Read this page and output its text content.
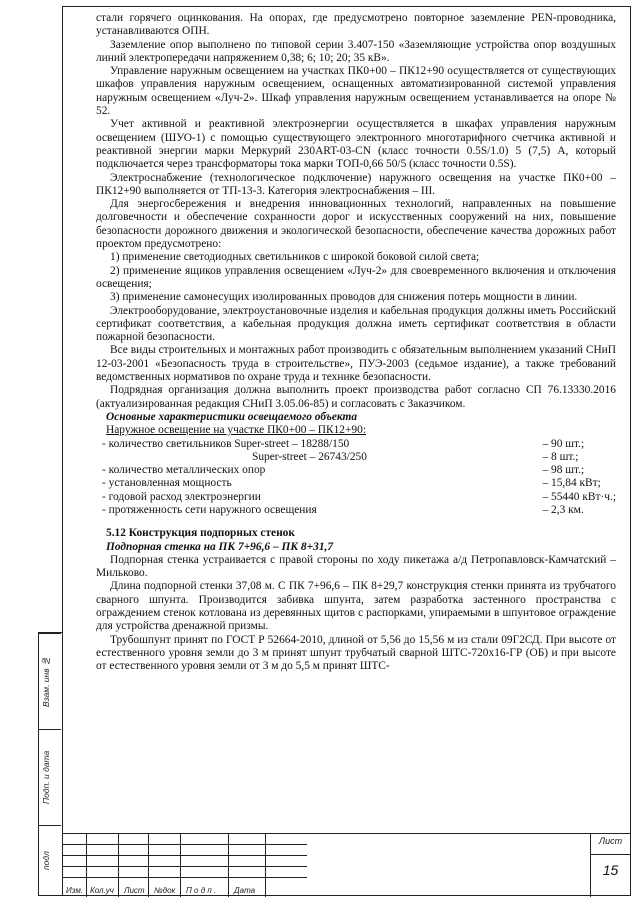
Взам. инв №
Подп. и дата
подл

стали горячего оцинкования. На опорах, где предусмотрено повторное заземление PEN-проводника, устанавливаются ОПН.

Заземление опор выполнено по типовой серии 3.407-150 «Заземляющие устройства опор воздушных линий электропередачи напряжением 0,38; 6; 10; 20; 35 кВ».

Управление наружным освещением на участках ПК0+00 – ПК12+90 осуществляется от существующих шкафов управления наружным освещением, оснащенных автоматизированной системой управления наружным освещением «Луч-2». Шкаф управления наружным освещением устанавливается на опоре № 52.

Учет активной и реактивной электроэнергии осуществляется в шкафах управления наружным освещением (ШУО-1) с помощью существующего электронного многотарифного счетчика активной и реактивной энергии марки Меркурий 230ART-03-CN (класс точности 0.5S/1.0) 5 (7,5) А, который подключается через трансформаторы тока марки ТОП-0,66 50/5 (класс точности 0.5S).

Электроснабжение (технологическое подключение) наружного освещения на участке ПК0+00 – ПК12+90 выполняется от ТП-13-3. Категория электроснабжения – III.

Для энергосбережения и внедрения инновационных технологий, направленных на повышение долговечности и обеспечение сохранности дорог и искусственных сооружений на них, повышение безопасности дорожного движения и экологической безопасности, обеспечение качества дорожных работ проектом предусмотрено:

1) применение светодиодных светильников с широкой боковой силой света;

2) применение ящиков управления освещением «Луч-2» для своевременного включения и отключения освещения;

3) применение самонесущих изолированных проводов для снижения потерь мощности в линии.

Электрооборудование, электроустановочные изделия и кабельная продукция должны иметь Российский сертификат соответствия, а кабельная продукция должна иметь сертификат соответствия в области пожарной безопасности.

Все виды строительных и монтажных работ производить с обязательным выполнением указаний СНиП 12-03-2001 «Безопасность труда в строительстве», ПУЭ-2003 (седьмое издание), а также требований ведомственных нормативов по охране труда и технике безопасности.

Подрядная организация должна выполнить проект производства работ согласно СП 76.13330.2016 (актуализированная редакция СНиП 3.05.06-85) и согласовать с Заказчиком.

Основные характеристики освещаемого объекта
Наружное освещение на участке ПК0+00 – ПК12+90:
- количество светильников Super-street – 18288/150	– 90 шт.;
Super-street – 26743/250	– 8 шт.;
- количество металлических опор	– 98 шт.;
- установленная мощность	– 15,84 кВт;
- годовой расход электроэнергии	– 55440 кВт·ч.;
- протяженность сети наружного освещения	– 2,3 км.
5.12 Конструкция подпорных стенок
Подпорная стенка на ПК 7+96,6 – ПК 8+31,7

Подпорная стенка устраивается с правой стороны по ходу пикетажа а/д Петропавловск-Камчатский – Мильково.

Длина подпорной стенки 37,08 м. С ПК 7+96,6 – ПК 8+29,7 конструкция стенки принята из трубчатого сварного шпунта. Производится забивка шпунта, затем разработка застенного пространства с ограждением стенок котлована из деревянных щитов с распорками, упираемыми в шпунтовое ограждение для устройства дренажной призмы.

Трубошпунт принят по ГОСТ Р 52664-2010, длиной от 5,56 до 15,56 м из стали 09Г2СД. При высоте от естественного уровня земли до 3 м принят шпунт трубчатый сварной ШТС-720х16-ГР (ОБ) и при высоте от естественного уровня земли от 3 м до 5,5 м принят ШТС-

Изм. Кол.уч Лист №док П о д п . Дата
Лист
15
